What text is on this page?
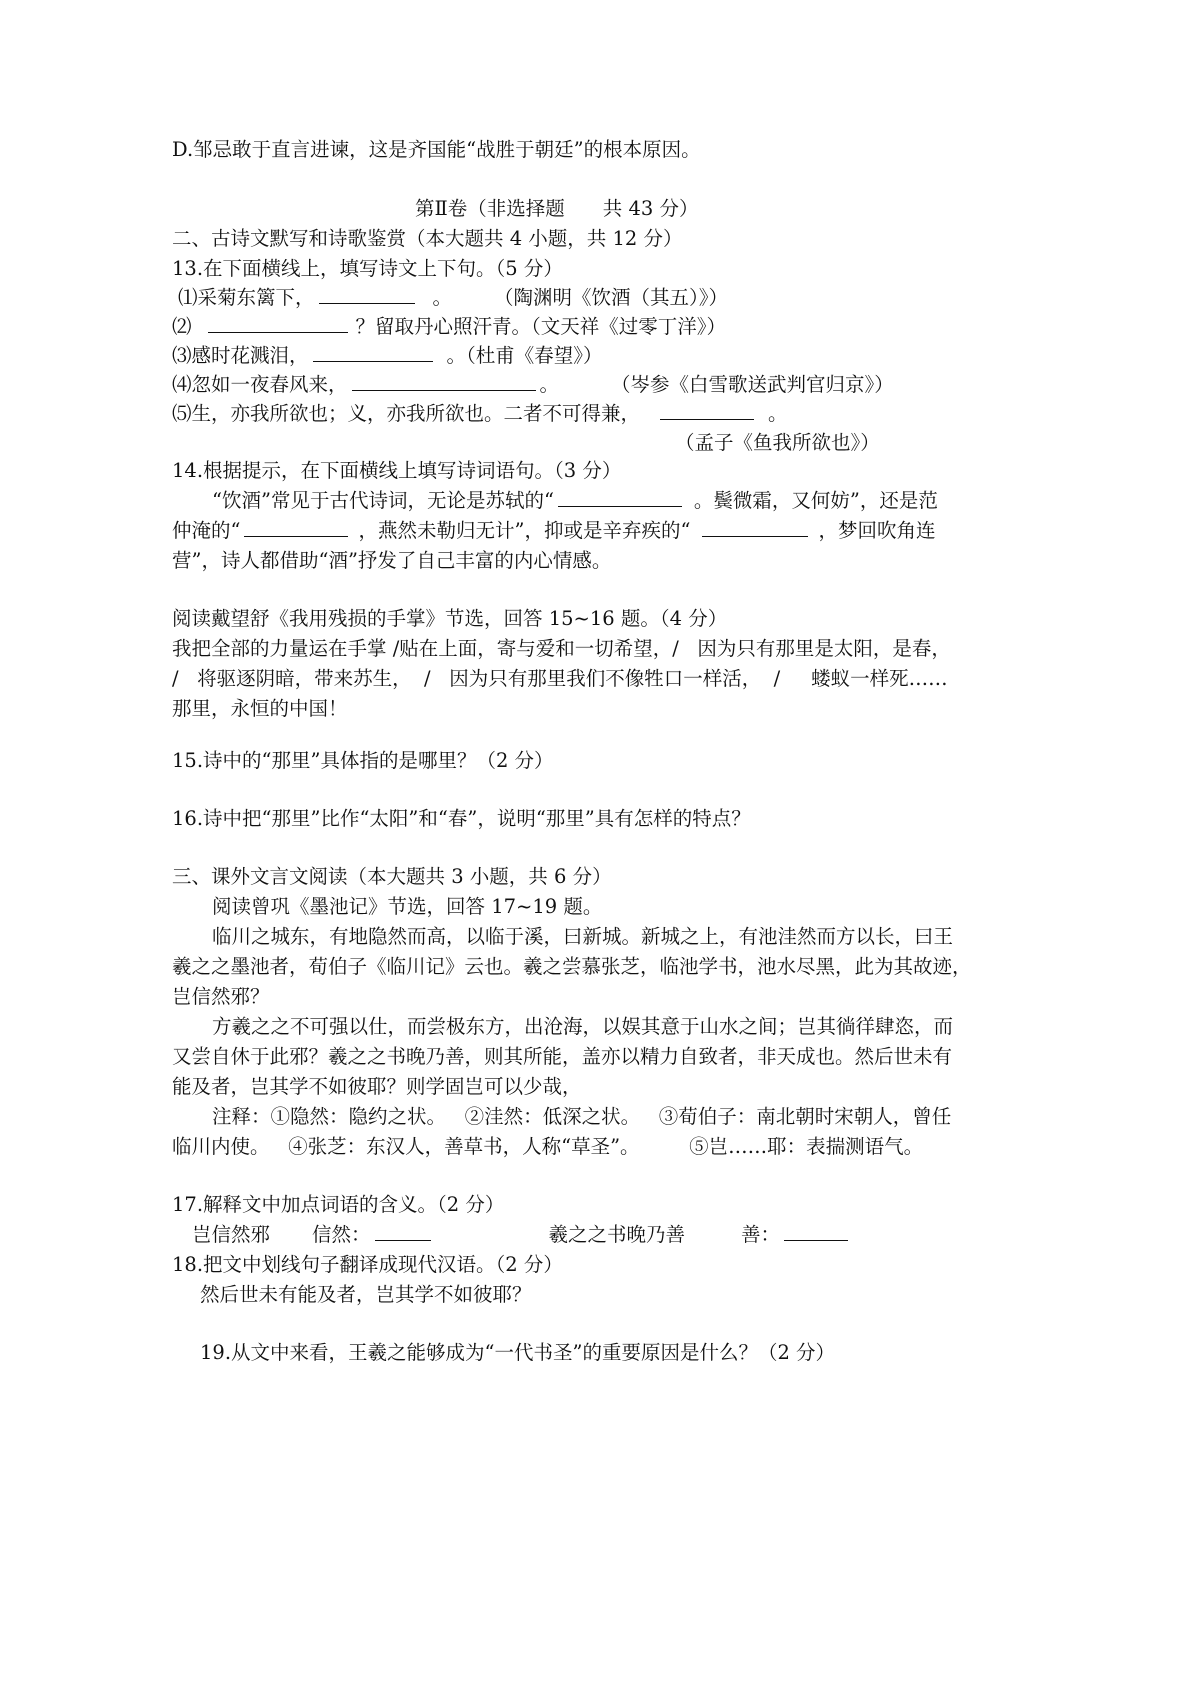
D.邹忌敢于直言进谏，这是齐国能“战胜于朝廷”的根本原因。
第Ⅱ卷（非选择题 共 43 分）
二、古诗文默写和诗歌鉴赏（本大题共 4 小题，共 12 分）
13.在下面横线上，填写诗文上下句。（5 分）
⑴采菊东篱下，	。 （陶渊明《饮酒（其五）》）
⑵	？留取丹心照汗青。（文天祥《过零丁洋》）
⑶感时花溅泪，	。（杜甫《春望》）
⑷忽如一夜春风来，	。	（岑参《白雪歌送武判官归京》）
⑸生，亦我所欲也；义，亦我所欲也。二者不可得兼，	。
（孟子《鱼我所欲也》）
14.根据提示，在下面横线上填写诗词语句。（3 分）
“饮酒”常见于古代诗词，无论是苏轼的“	。鬓微霜，又何妨”，还是范
仲淹的“	，燕然未勒归无计”，抑或是辛弃疾的“	，梦回吹角连
营”，诗人都借助“酒”抒发了自己丰富的内心情感。
阅读戴望舒《我用残损的手掌》节选，回答 15~16 题。（4 分）
我把全部的力量运在手掌 /贴在上面，寄与爱和一切希望，/   因为只有那里是太阳，是春，
/   将驱逐阴暗，带来苏生，  /   因为只有那里我们不像牲口一样活，  /     蝼蚁一样死……
那里，永恒的中国！
15.诗中的“那里”具体指的是哪里？（2 分）
16.诗中把“那里”比作“太阳”和“春”，说明“那里”具有怎样的特点？
三、课外文言文阅读（本大题共 3 小题，共 6 分）
阅读曾巩《墨池记》节选，回答 17~19 题。
临川之城东，有地隐然而高，以临于溪，曰新城。新城之上，有池洼然而方以长，曰王
羲之之墨池者，荀伯子《临川记》云也。羲之尝慕张芝，临池学书，池水尽黑，此为其故迹，
岂信然邪？
方羲之之不可强以仕，而尝极东方，出沧海，以娱其意于山水之间；岂其徜徉肆恣，而
又尝自休于此邪？羲之之书晚乃善，则其所能，盖亦以精力自致者，非天成也。然后世未有
能及者，岂其学不如彼耶？则学固岂可以少哉，
注释：①隐然：隐约之状。   ②洼然：低深之状。   ③荀伯子：南北朝时宋朝人，曾任
临川内使。   ④张芝：东汉人，善草书，人称“草圣”。        ⑤岂……耶：表揣测语气。
17.解释文中加点词语的含义。（2 分）
岂信然邪 信然：	羲之之书晚乃善	善：
18.把文中划线句子翻译成现代汉语。（2 分）
然后世未有能及者，岂其学不如彼耶？
19.从文中来看，王羲之能够成为“一代书圣”的重要原因是什么？（2 分）
